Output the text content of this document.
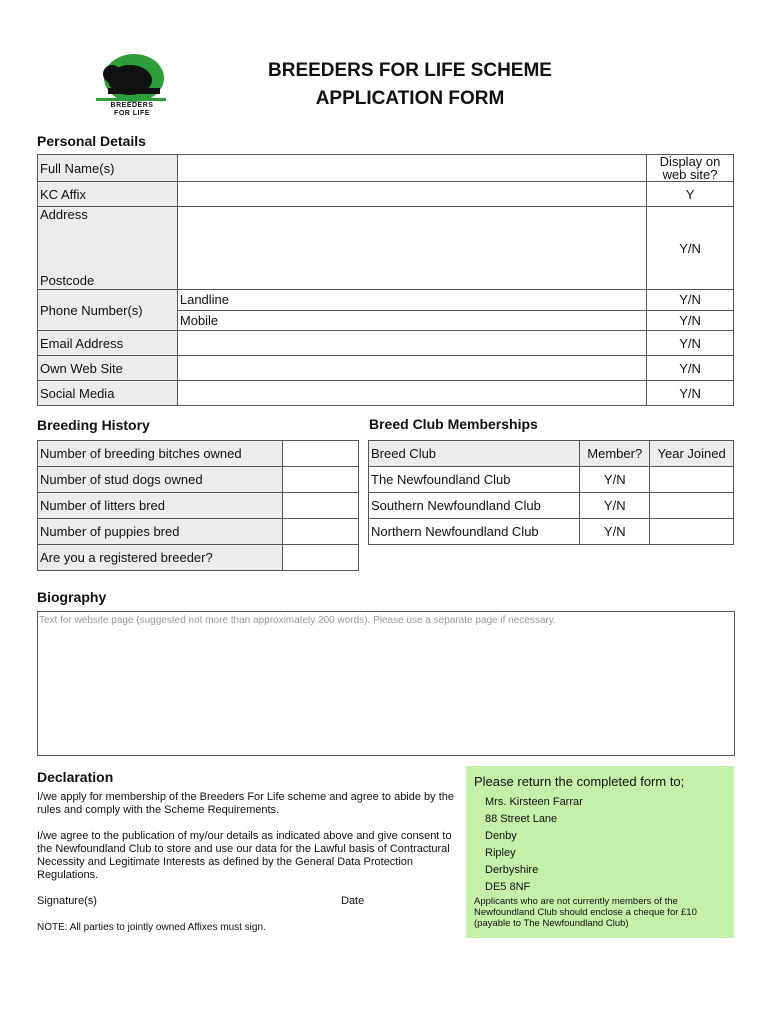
BREEDERS
FOR LIFE
BREEDERS FOR LIFE SCHEME
APPLICATION FORM
Personal Details
Full Name(s)		Display on web site?
KC Affix		Y

Address
Postcode		Y/N
Phone Number(s)	Landline	Y/N
	Mobile	Y/N
Email Address		Y/N
Own Web Site		Y/N
Social Media		Y/N
Breeding History
Number of breeding bitches owned	
Number of stud dogs owned	
Number of litters bred	
Number of puppies bred	
Are you a registered breeder?	
Breed Club Memberships
Breed Club	Member?	Year Joined
The Newfoundland Club	Y/N	
Southern Newfoundland Club	Y/N	
Northern Newfoundland Club	Y/N	
Biography
Text for website page (suggested not more than approximately 200 words). Please use a separate page if necessary.
Declaration
I/we apply for membership of the Breeders For Life scheme and agree to abide by the rules and comply with the Scheme Requirements.
I/we agree to the publication of my/our details as indicated above and give consent to the Newfoundland Club to store and use our data for the Lawful basis of Contractural Necessity and Legitimate Interests as defined by the General Data Protection Regulations.
Signature(s)	Date
NOTE: All parties to jointly owned Affixes must sign.
Please return the completed form to;
Mrs. Kirsteen Farrar
88 Street Lane
Denby
Ripley
Derbyshire
DE5 8NF
Applicants who are not currently members of the Newfoundland Club should enclose a cheque for £10 (payable to The Newfoundland Club)
